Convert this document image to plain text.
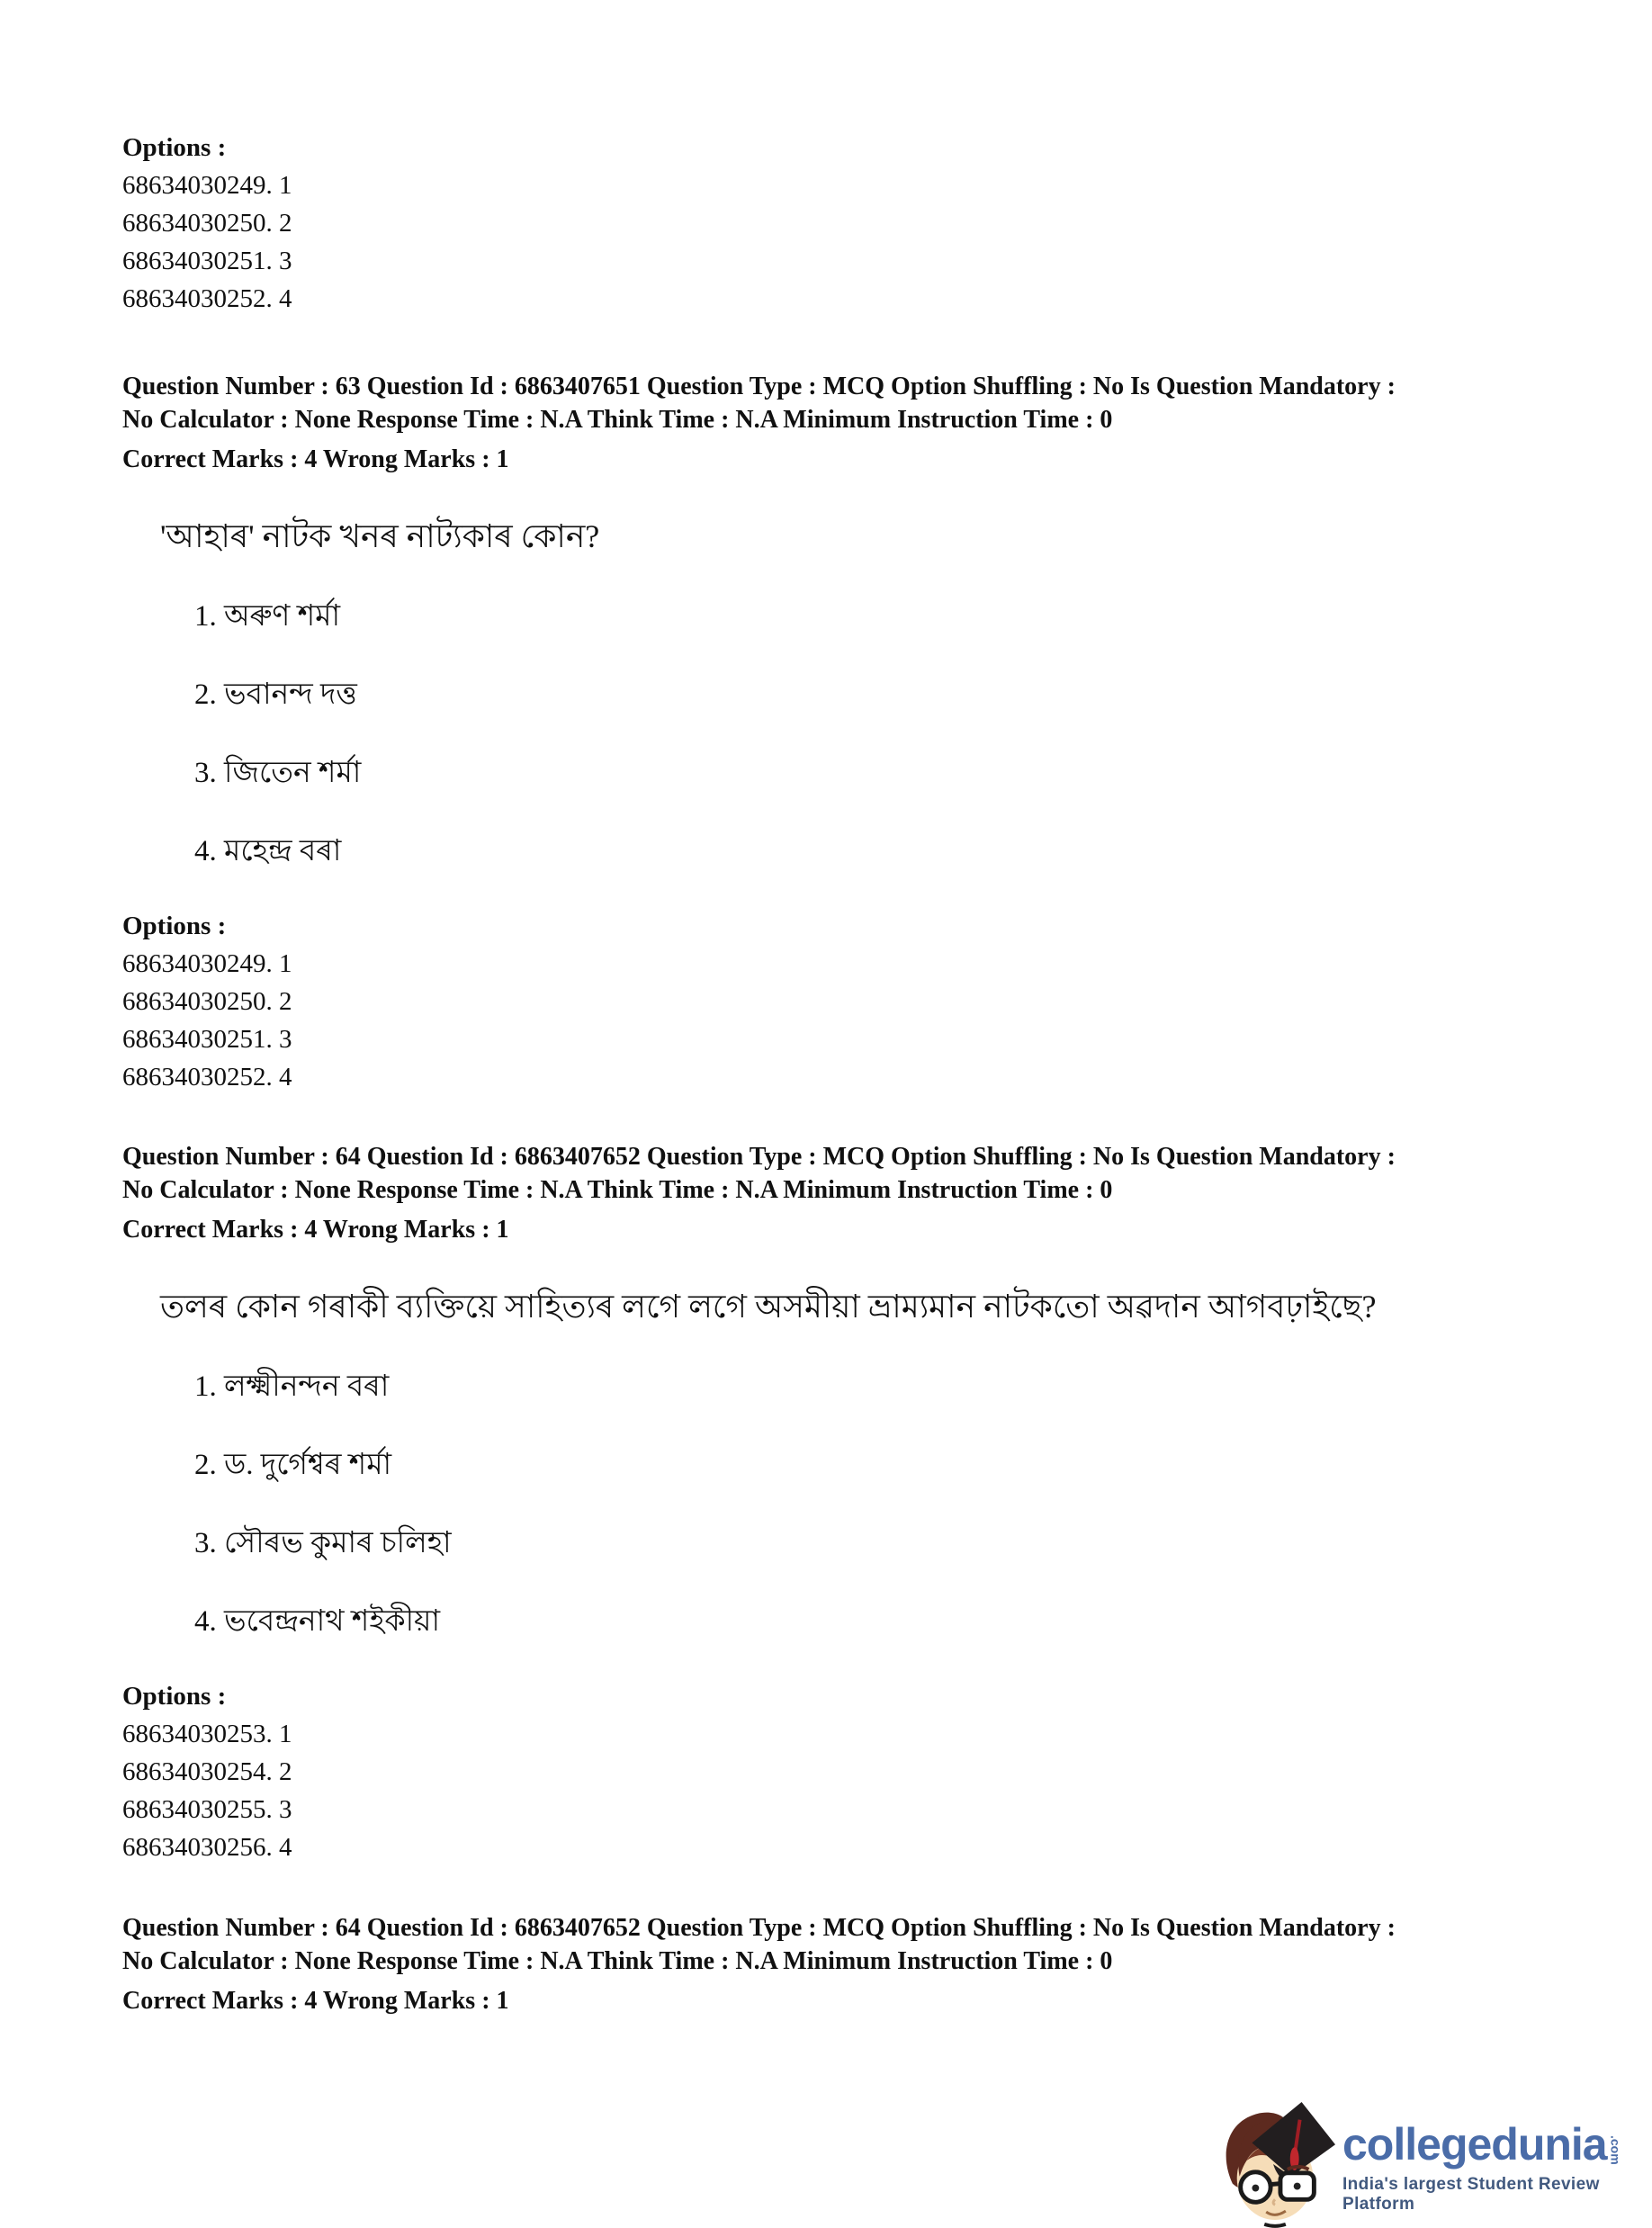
Options :
68634030249. 1
68634030250. 2
68634030251. 3
68634030252. 4

Question Number : 63 Question Id : 6863407651 Question Type : MCQ Option Shuffling : No Is Question Mandatory :

No Calculator : None Response Time : N.A Think Time : N.A Minimum Instruction Time : 0

Correct Marks : 4 Wrong Marks : 1

'আহাৰ' নাটক খনৰ নাট্যকাৰ কোন?
1. অৰুণ শৰ্মা
2. ভবানন্দ দত্ত
3. জিতেন শৰ্মা
4. মহেন্দ্ৰ বৰা
Options :
68634030249. 1
68634030250. 2
68634030251. 3
68634030252. 4

Question Number : 64 Question Id : 6863407652 Question Type : MCQ Option Shuffling : No Is Question Mandatory :

No Calculator : None Response Time : N.A Think Time : N.A Minimum Instruction Time : 0

Correct Marks : 4 Wrong Marks : 1

তলৰ কোন গৰাকী ব্যক্তিয়ে সাহিত্যৰ লগে লগে অসমীয়া ভ্ৰাম্যমান নাটকতো অৱদান আগবঢ়াইছে?
1. লক্ষ্মীনন্দন বৰা
2. ড. দুৰ্গেশ্বৰ শৰ্মা
3. সৌৰভ কুমাৰ চলিহা
4. ভবেন্দ্ৰনাথ শইকীয়া
Options :
68634030253. 1
68634030254. 2
68634030255. 3
68634030256. 4

Question Number : 64 Question Id : 6863407652 Question Type : MCQ Option Shuffling : No Is Question Mandatory :

No Calculator : None Response Time : N.A Think Time : N.A Minimum Instruction Time : 0

Correct Marks : 4 Wrong Marks : 1

collegedunia .com
India's largest Student Review Platform
